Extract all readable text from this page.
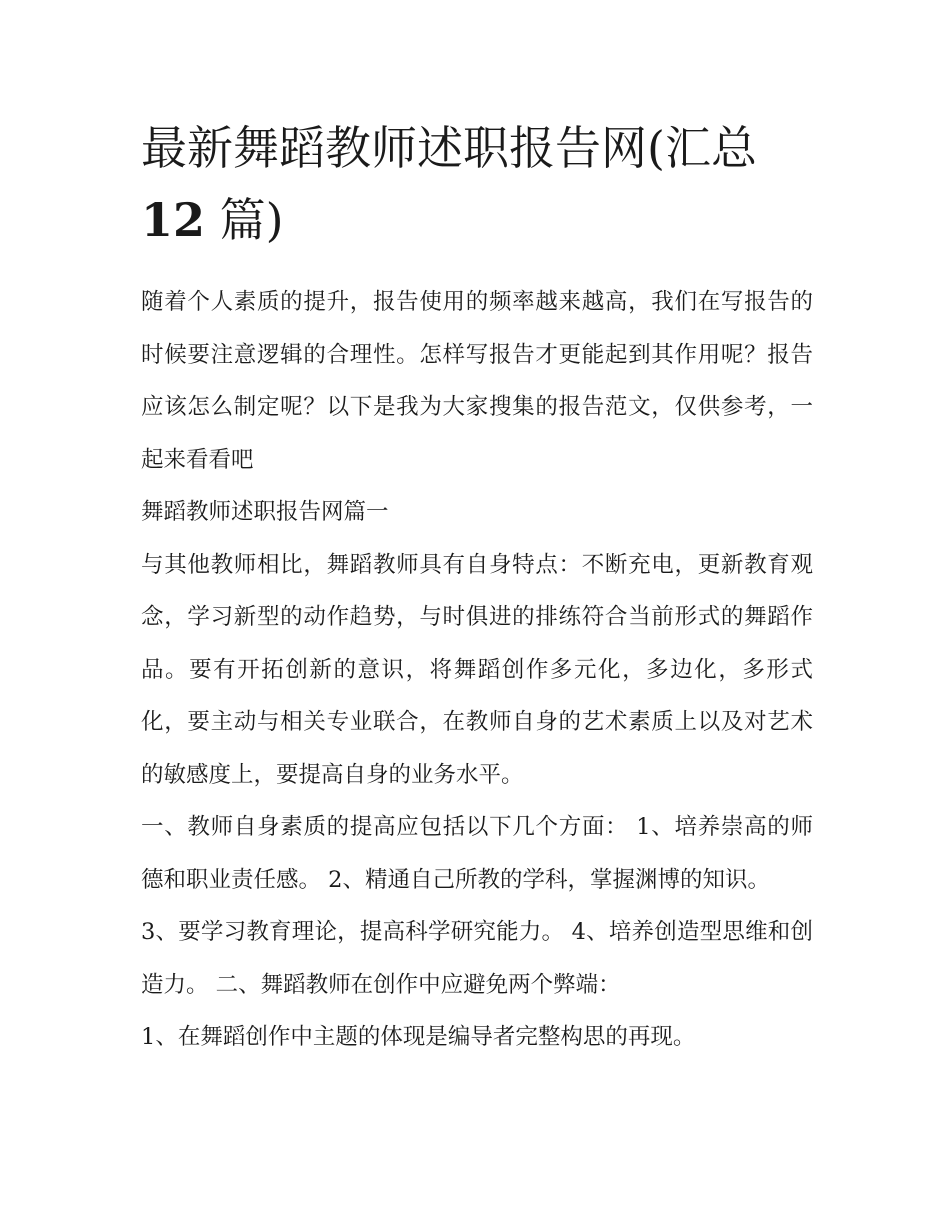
最新舞蹈教师述职报告网(汇总
12 篇)

随着个人素质的提升，报告使用的频率越来越高，我们在写报告的时候要注意逻辑的合理性。怎样写报告才更能起到其作用呢？报告应该怎么制定呢？以下是我为大家搜集的报告范文，仅供参考，一起来看看吧

舞蹈教师述职报告网篇一

与其他教师相比，舞蹈教师具有自身特点：不断充电，更新教育观念，学习新型的动作趋势，与时俱进的排练符合当前形式的舞蹈作品。要有开拓创新的意识，将舞蹈创作多元化，多边化，多形式化，要主动与相关专业联合，在教师自身的艺术素质上以及对艺术的敏感度上，要提高自身的业务水平。

一、教师自身素质的提高应包括以下几个方面： 1、培养崇高的师德和职业责任感。 2、精通自己所教的学科，掌握渊博的知识。

3、要学习教育理论，提高科学研究能力。 4、培养创造型思维和创造力。 二、舞蹈教师在创作中应避免两个弊端：

1、在舞蹈创作中主题的体现是编导者完整构思的再现。
